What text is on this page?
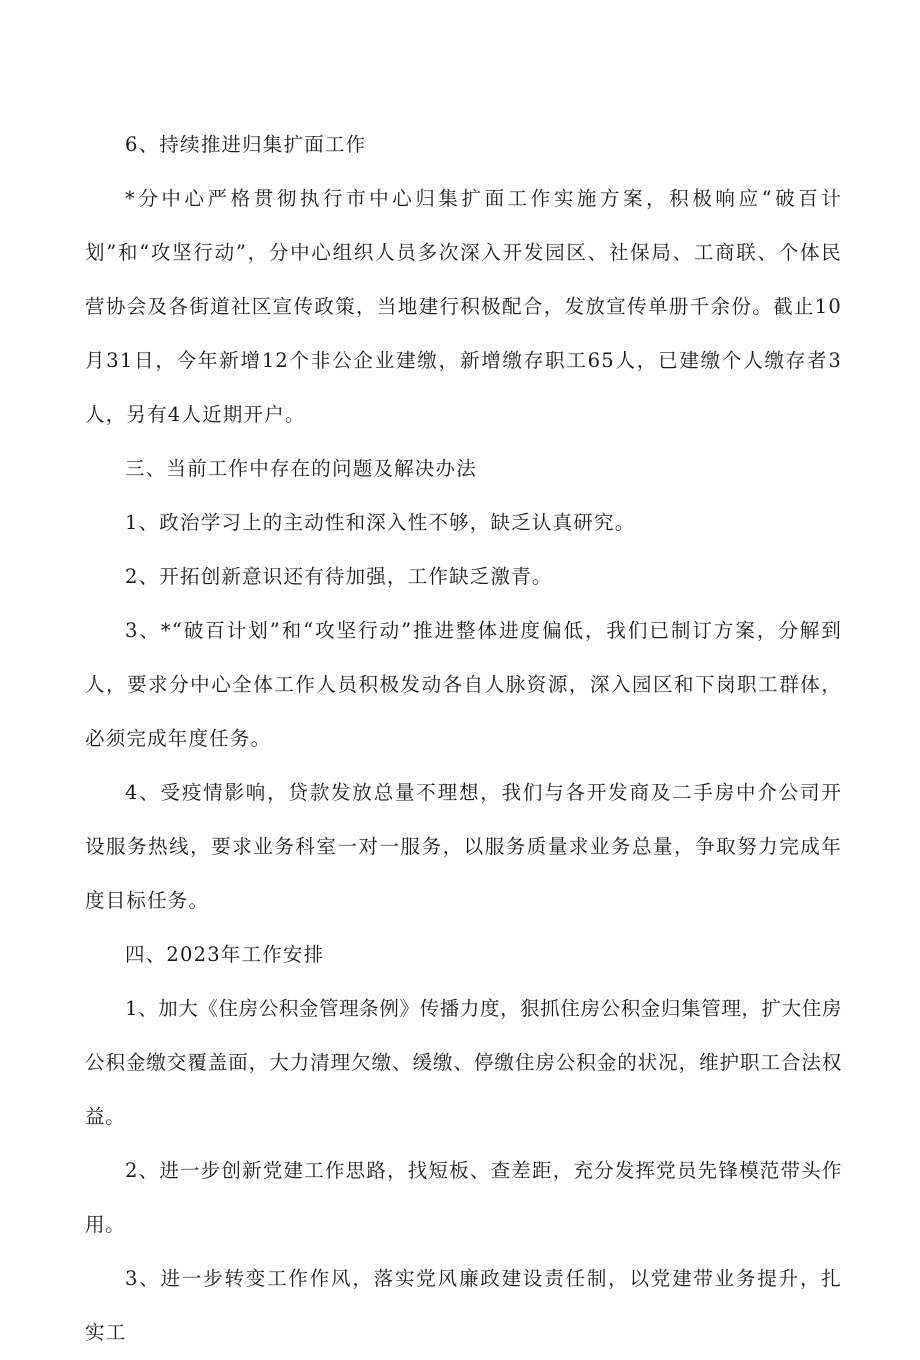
6、持续推进归集扩面工作

*分中心严格贯彻执行市中心归集扩面工作实施方案，积极响应“破百计划”和“攻坚行动”，分中心组织人员多次深入开发园区、社保局、工商联、个体民营协会及各街道社区宣传政策，当地建行积极配合，发放宣传单册千余份。截止10月31日，今年新增12个非公企业建缴，新增缴存职工65人，已建缴个人缴存者3人，另有4人近期开户。

三、当前工作中存在的问题及解决办法

1、政治学习上的主动性和深入性不够，缺乏认真研究。

2、开拓创新意识还有待加强，工作缺乏激青。

3、*“破百计划”和“攻坚行动”推进整体进度偏低，我们已制订方案，分解到人，要求分中心全体工作人员积极发动各自人脉资源，深入园区和下岗职工群体，必须完成年度任务。

4、受疫情影响，贷款发放总量不理想，我们与各开发商及二手房中介公司开设服务热线，要求业务科室一对一服务，以服务质量求业务总量，争取努力完成年度目标任务。

四、2023年工作安排

1、加大《住房公积金管理条例》传播力度，狠抓住房公积金归集管理，扩大住房公积金缴交覆盖面，大力清理欠缴、缓缴、停缴住房公积金的状况，维护职工合法权益。

2、进一步创新党建工作思路，找短板、查差距，充分发挥党员先锋模范带头作用。

3、进一步转变工作作风，落实党风廉政建设责任制，以党建带业务提升，扎实工
